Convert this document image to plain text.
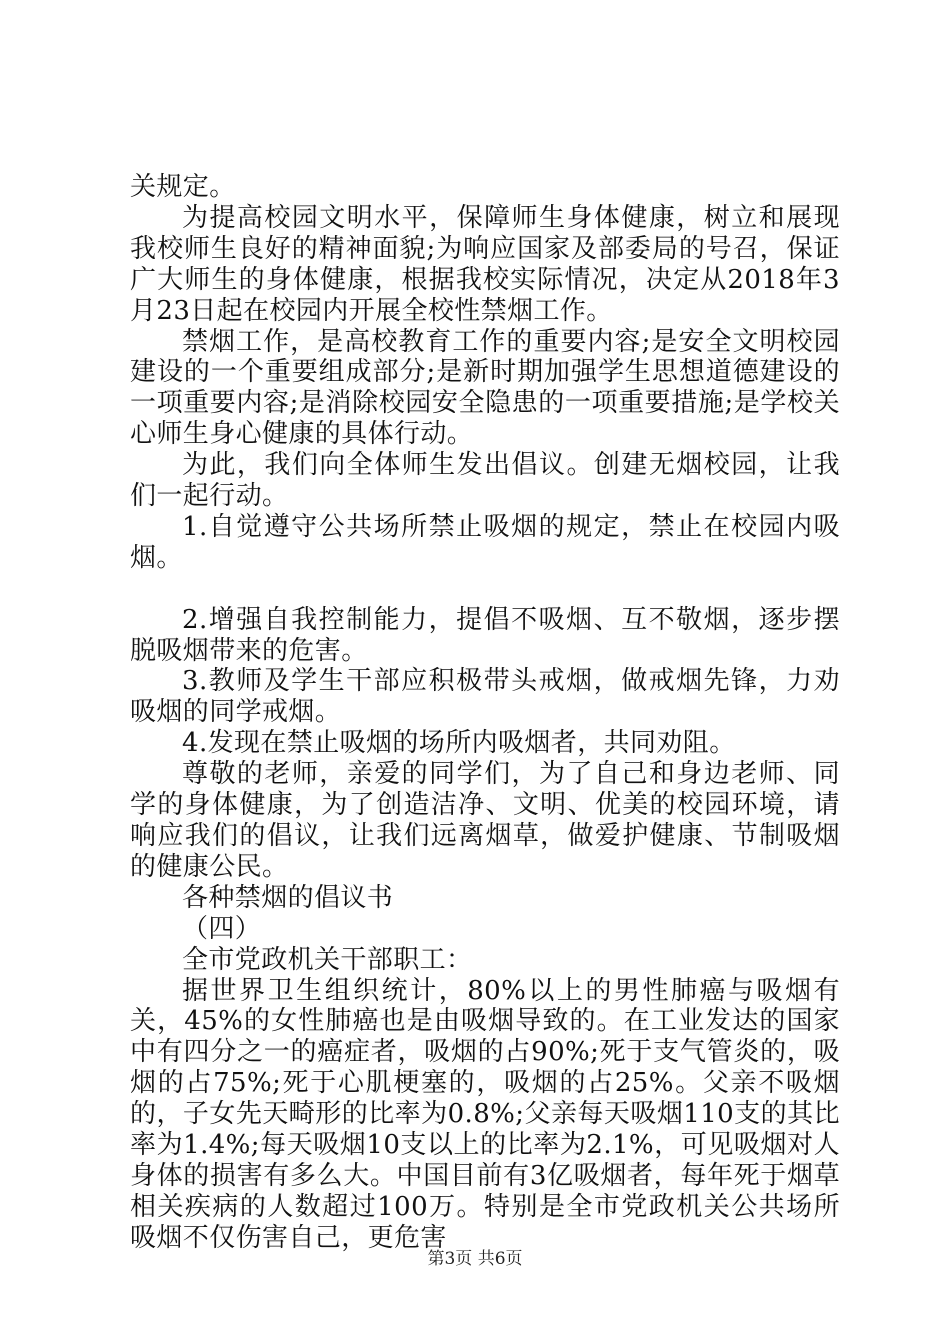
关规定。

为提高校园文明水平，保障师生身体健康，树立和展现我校师生良好的精神面貌;为响应国家及部委局的号召，保证广大师生的身体健康，根据我校实际情况，决定从2018年3月23日起在校园内开展全校性禁烟工作。

禁烟工作，是高校教育工作的重要内容;是安全文明校园建设的一个重要组成部分;是新时期加强学生思想道德建设的一项重要内容;是消除校园安全隐患的一项重要措施;是学校关心师生身心健康的具体行动。

为此，我们向全体师生发出倡议。创建无烟校园，让我们一起行动。

1.自觉遵守公共场所禁止吸烟的规定，禁止在校园内吸烟。

2.增强自我控制能力，提倡不吸烟、互不敬烟，逐步摆脱吸烟带来的危害。

3.教师及学生干部应积极带头戒烟，做戒烟先锋，力劝吸烟的同学戒烟。

4.发现在禁止吸烟的场所内吸烟者，共同劝阻。

尊敬的老师，亲爱的同学们，为了自己和身边老师、同学的身体健康，为了创造洁净、文明、优美的校园环境，请响应我们的倡议，让我们远离烟草，做爱护健康、节制吸烟的健康公民。

各种禁烟的倡议书

（四）

全市党政机关干部职工：

据世界卫生组织统计，80%以上的男性肺癌与吸烟有关，45%的女性肺癌也是由吸烟导致的。在工业发达的国家中有四分之一的癌症者，吸烟的占90%;死于支气管炎的，吸烟的占75%;死于心肌梗塞的，吸烟的占25%。父亲不吸烟的，子女先天畸形的比率为0.8%;父亲每天吸烟110支的其比率为1.4%;每天吸烟10支以上的比率为2.1%，可见吸烟对人身体的损害有多么大。中国目前有3亿吸烟者，每年死于烟草相关疾病的人数超过100万。特别是全市党政机关公共场所吸烟不仅伤害自己，更危害

第3页 共6页
